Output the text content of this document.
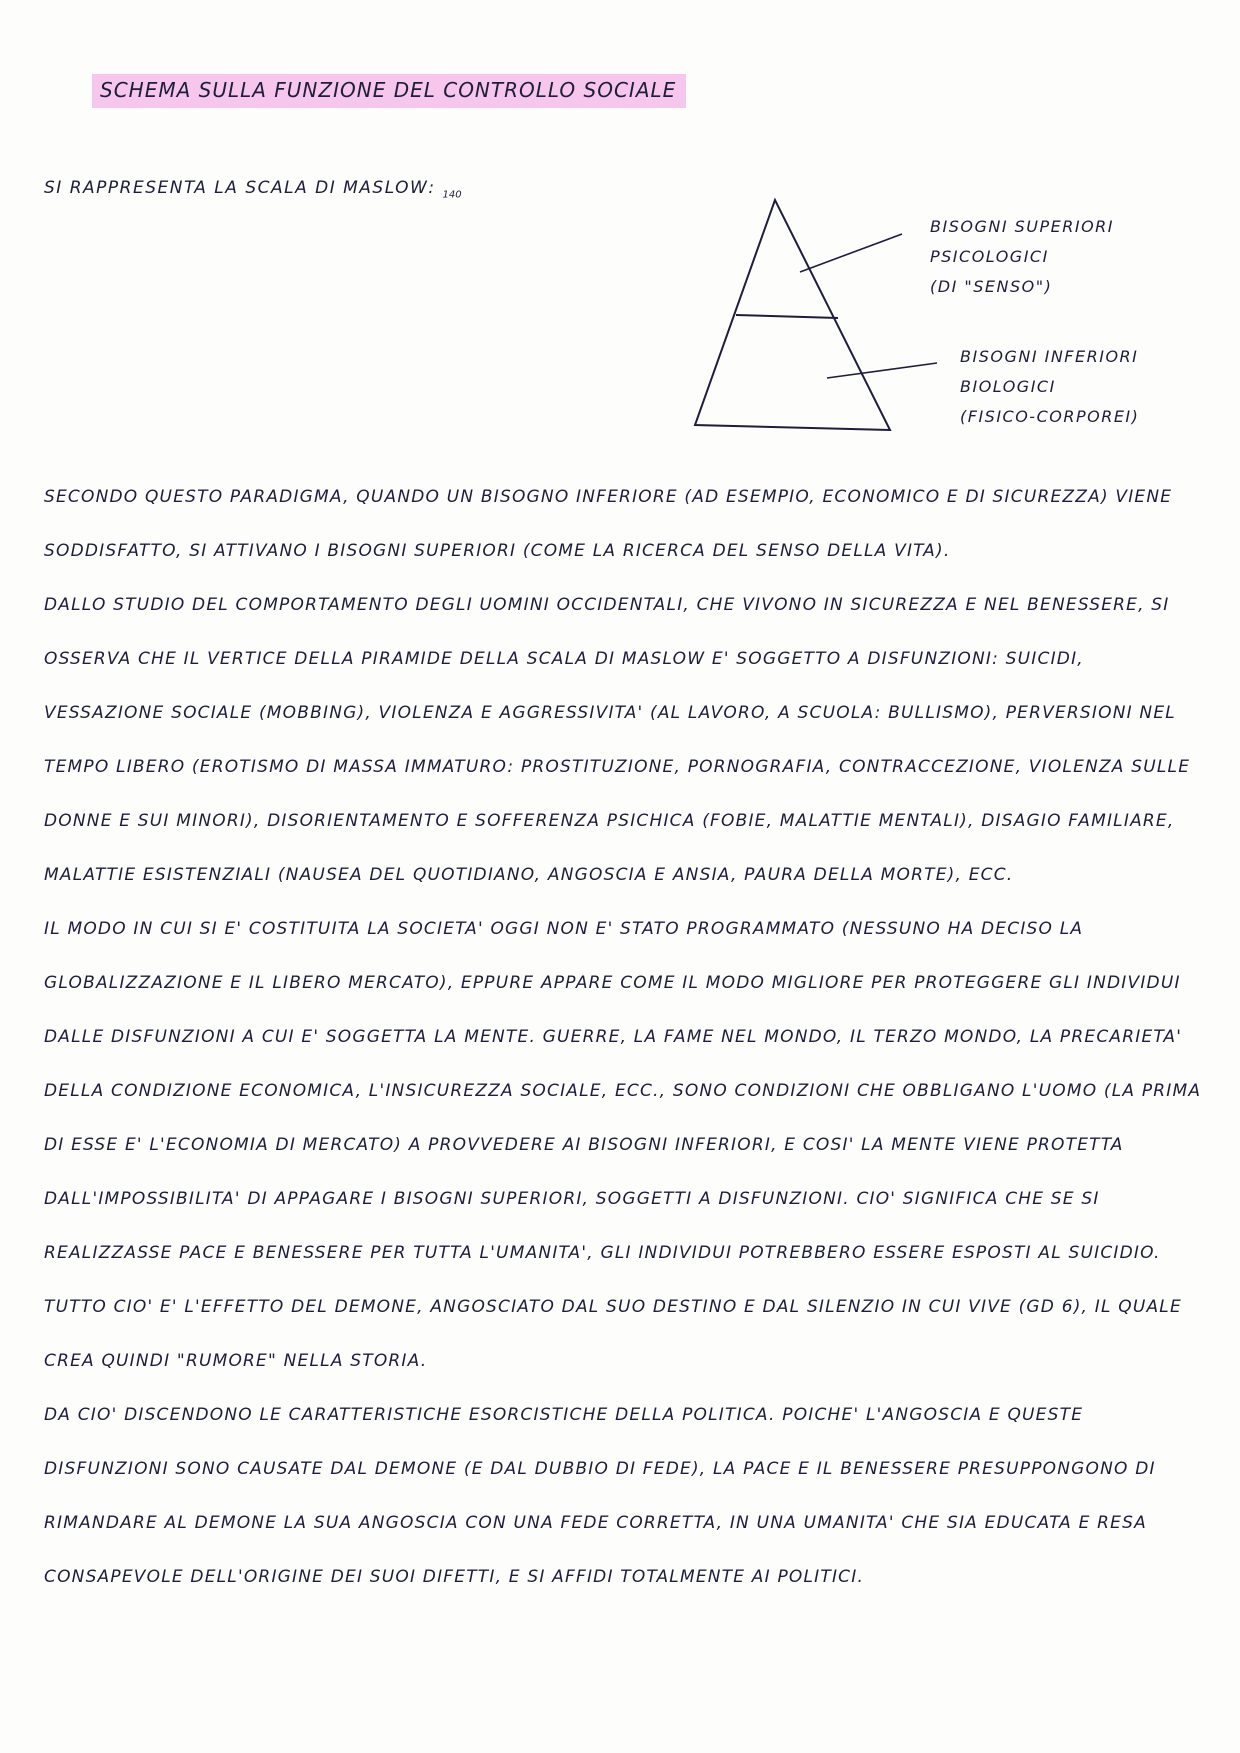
SCHEMA SULLA FUNZIONE DEL CONTROLLO SOCIALE
SI RAPPRESENTA LA SCALA DI MASLOW: $_{140}$
BISOGNI SUPERIORI
PSICOLOGICI
(DI "SENSO")
BISOGNI INFERIORI
BIOLOGICI
(FISICO-CORPOREI)

SECONDO QUESTO PARADIGMA, QUANDO UN BISOGNO INFERIORE (AD ESEMPIO, ECONOMICO E DI SICUREZZA) VIENE SODDISFATTO, SI ATTIVANO I BISOGNI SUPERIORI (COME LA RICERCA DEL SENSO DELLA VITA).

DALLO STUDIO DEL COMPORTAMENTO DEGLI UOMINI OCCIDENTALI, CHE VIVONO IN SICUREZZA E NEL BENESSERE, SI OSSERVA CHE IL VERTICE DELLA PIRAMIDE DELLA SCALA DI MASLOW E' SOGGETTO A DISFUNZIONI: SUICIDI, VESSAZIONE SOCIALE (MOBBING), VIOLENZA E AGGRESSIVITA' (AL LAVORO, A SCUOLA: BULLISMO), PERVERSIONI NEL TEMPO LIBERO (EROTISMO DI MASSA IMMATURO: PROSTITUZIONE, PORNOGRAFIA, CONTRACCEZIONE, VIOLENZA SULLE DONNE E SUI MINORI), DISORIENTAMENTO E SOFFERENZA PSICHICA (FOBIE, MALATTIE MENTALI), DISAGIO FAMILIARE, MALATTIE ESISTENZIALI (NAUSEA DEL QUOTIDIANO, ANGOSCIA E ANSIA, PAURA DELLA MORTE), ECC.

IL MODO IN CUI SI E' COSTITUITA LA SOCIETA' OGGI NON E' STATO PROGRAMMATO (NESSUNO HA DECISO LA GLOBALIZZAZIONE E IL LIBERO MERCATO), EPPURE APPARE COME IL MODO MIGLIORE PER PROTEGGERE GLI INDIVIDUI DALLE DISFUNZIONI A CUI E' SOGGETTA LA MENTE. GUERRE, LA FAME NEL MONDO, IL TERZO MONDO, LA PRECARIETA' DELLA CONDIZIONE ECONOMICA, L'INSICUREZZA SOCIALE, ECC., SONO CONDIZIONI CHE OBBLIGANO L'UOMO (LA PRIMA DI ESSE E' L'ECONOMIA DI MERCATO) A PROVVEDERE AI BISOGNI INFERIORI, E COSI' LA MENTE VIENE PROTETTA DALL'IMPOSSIBILITA' DI APPAGARE I BISOGNI SUPERIORI, SOGGETTI A DISFUNZIONI. CIO' SIGNIFICA CHE SE SI REALIZZASSE PACE E BENESSERE PER TUTTA L'UMANITA', GLI INDIVIDUI POTREBBERO ESSERE ESPOSTI AL SUICIDIO.

TUTTO CIO' E' L'EFFETTO DEL DEMONE, ANGOSCIATO DAL SUO DESTINO E DAL SILENZIO IN CUI VIVE (GD 6), IL QUALE CREA QUINDI "RUMORE" NELLA STORIA.

DA CIO' DISCENDONO LE CARATTERISTICHE ESORCISTICHE DELLA POLITICA. POICHE' L'ANGOSCIA E QUESTE DISFUNZIONI SONO CAUSATE DAL DEMONE (E DAL DUBBIO DI FEDE), LA PACE E IL BENESSERE PRESUPPONGONO DI RIMANDARE AL DEMONE LA SUA ANGOSCIA CON UNA FEDE CORRETTA, IN UNA UMANITA' CHE SIA EDUCATA E RESA CONSAPEVOLE DELL'ORIGINE DEI SUOI DIFETTI, E SI AFFIDI TOTALMENTE AI POLITICI.
